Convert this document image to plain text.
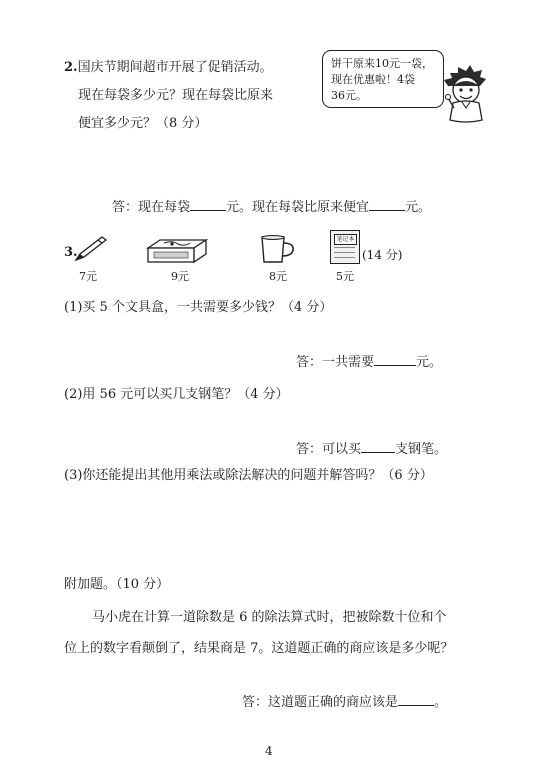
2.国庆节期间超市开展了促销活动。
现在每袋多少元？现在每袋比原来
便宜多少元？（8 分）
饼干原来10元一袋，
现在优惠啦！4袋
36元。
答：现在每袋	元。现在每袋比原来便宜	元。
3.
7元	9元	8元
笔记本
5元
(14 分)
(1)买 5 个文具盒，一共需要多少钱？（4 分）
答：一共需要	元。
(2)用 56 元可以买几支钢笔？（4 分）
答：可以买	支钢笔。
(3)你还能提出其他用乘法或除法解决的问题并解答吗？（6 分）
附加题。（10 分）
马小虎在计算一道除数是 6 的除法算式时，把被除数十位和个
位上的数字看颠倒了，结果商是 7。这道题正确的商应该是多少呢？
答：这道题正确的商应该是	。
4
